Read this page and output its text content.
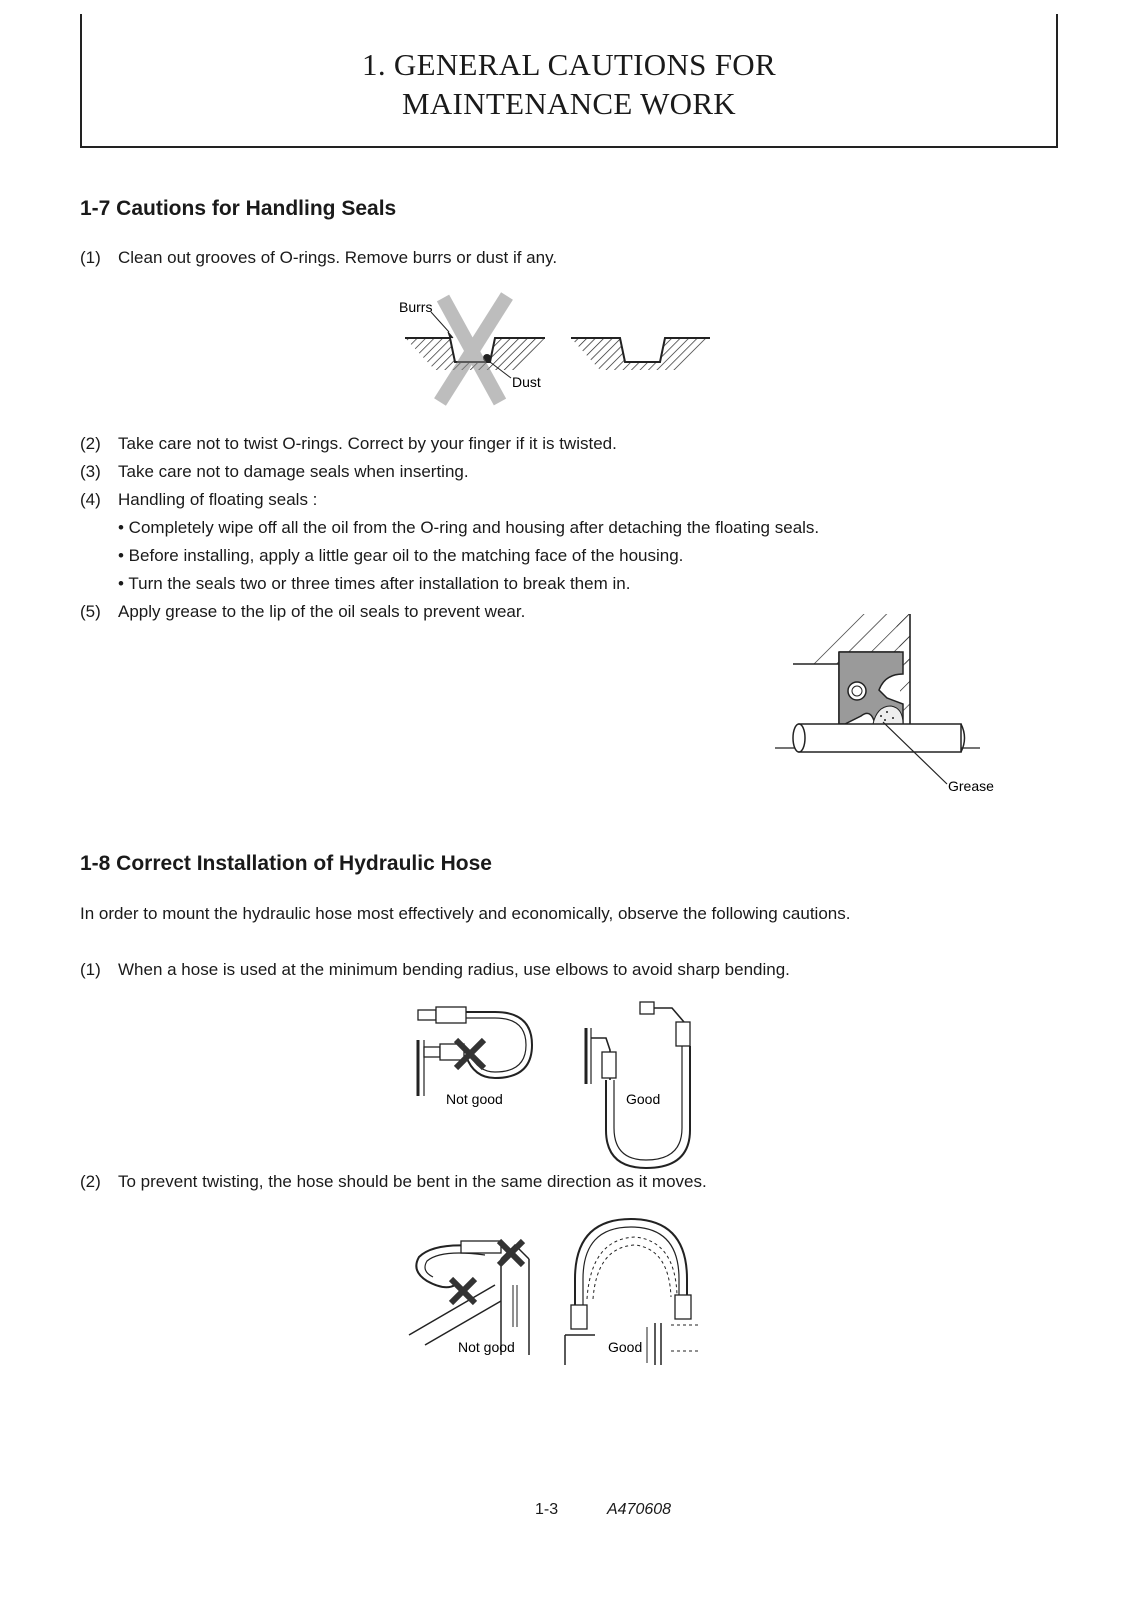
1. GENERAL CAUTIONS FOR
MAINTENANCE WORK
1-7 Cautions for Handling Seals
(1) Clean out grooves of O-rings. Remove burrs or dust if any.
Burrs
Dust
(2) Take care not to twist O-rings. Correct by your finger if it is twisted.
(3) Take care not to damage seals when inserting.
(4) Handling of floating seals :
• Completely wipe off all the oil from the O-ring and housing after detaching the floating seals.
• Before installing, apply a little gear oil to the matching face of the housing.
• Turn the seals two or three times after installation to break them in.
(5) Apply grease to the lip of the oil seals to prevent wear.
Grease
1-8 Correct Installation of Hydraulic Hose
In order to mount the hydraulic hose most effectively and economically, observe the following cautions.
(1) When a hose is used at the minimum bending radius, use elbows to avoid sharp bending.
Not good	Good
(2) To prevent twisting, the hose should be bent in the same direction as it moves.
Not good	Good
1-3	A470608
